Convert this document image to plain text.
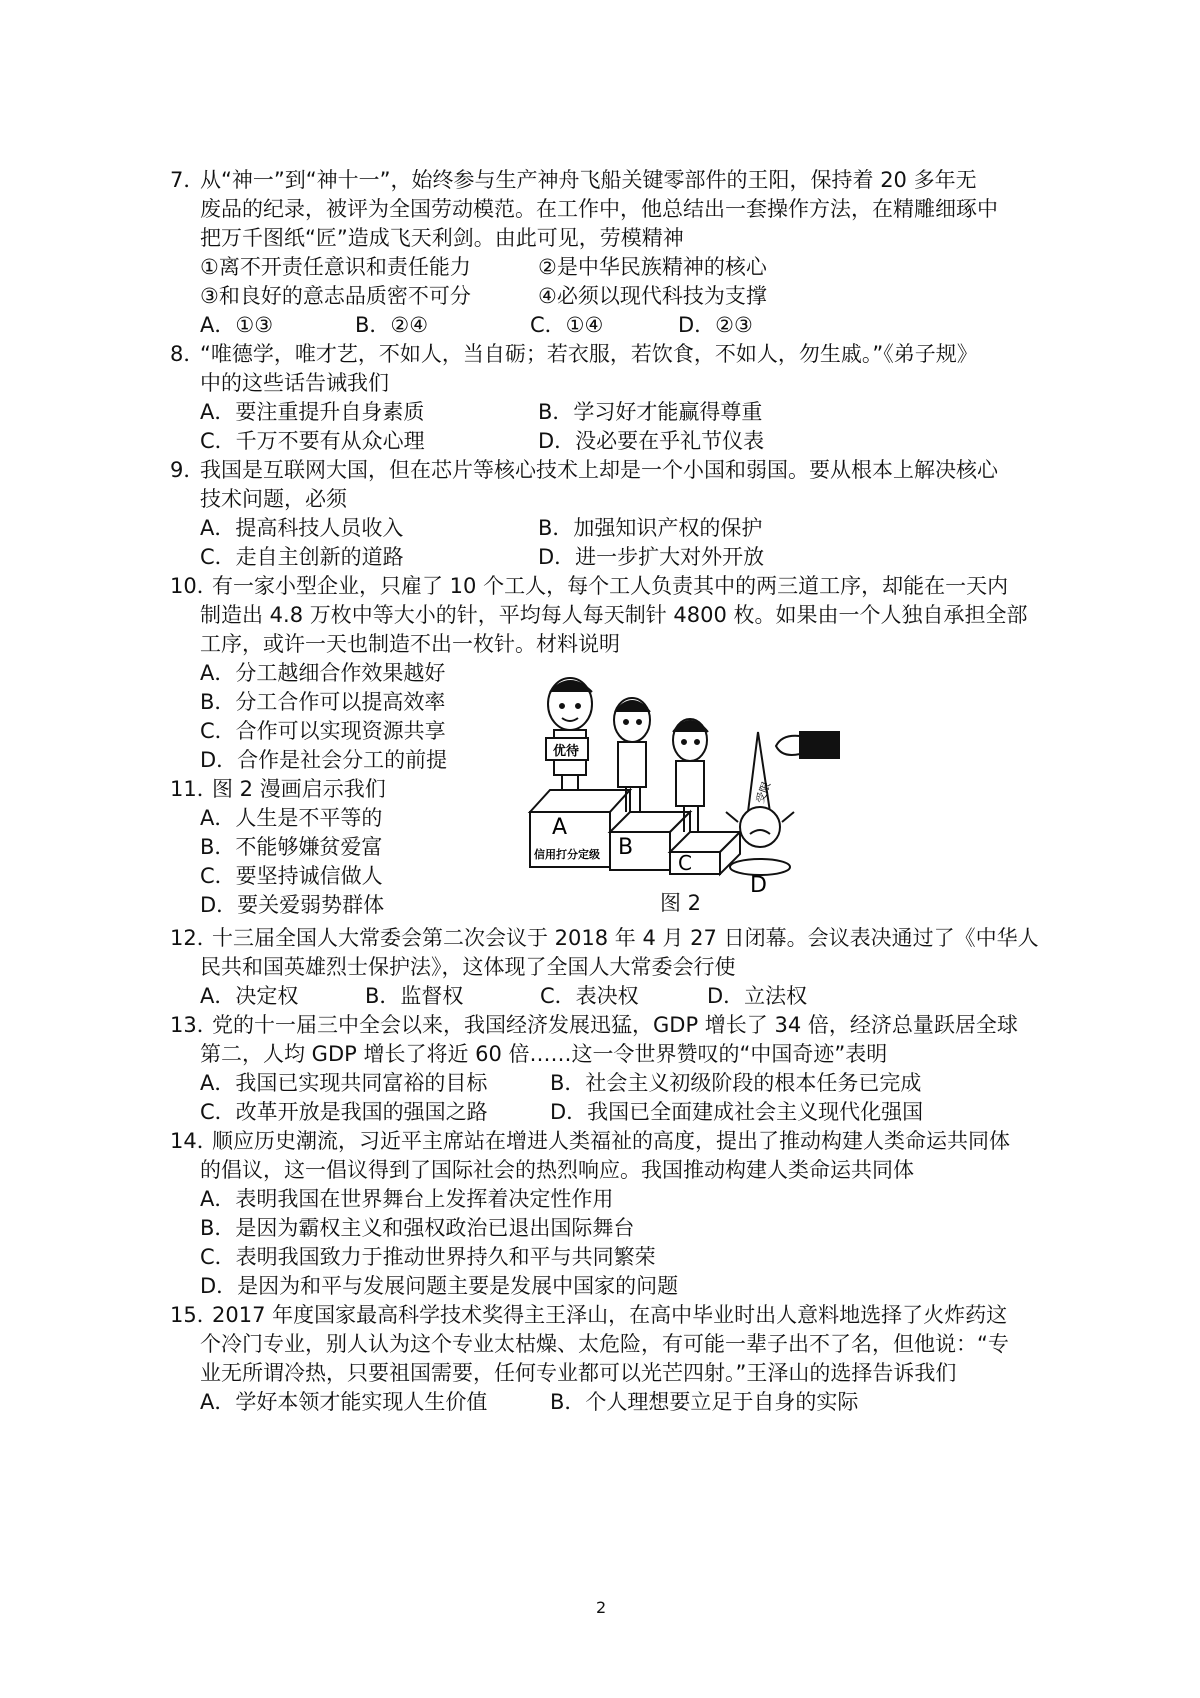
7．
从“神一”到“神十一”，始终参与生产神舟飞船关键零部件的王阳，保持着 20 多年无
废品的纪录，被评为全国劳动模范。在工作中，他总结出一套操作方法，在精雕细琢中
把万千图纸“匠”造成飞天利剑。由此可见，劳模精神
①离不开责任意识和责任能力	②是中华民族精神的核心
③和良好的意志品质密不可分	④必须以现代科技为支撑
A．①③	B．②④	C．①④	D．②③
8．
“唯德学，唯才艺，不如人，当自砺；若衣服，若饮食，不如人，勿生戚。”《弟子规》
中的这些话告诫我们
A．要注重提升自身素质	B．学习好才能赢得尊重
C．千万不要有从众心理	D．没必要在乎礼节仪表
9．
我国是互联网大国，但在芯片等核心技术上却是一个小国和弱国。要从根本上解决核心
技术问题，必须
A．提高科技人员收入	B．加强知识产权的保护
C．走自主创新的道路	D．进一步扩大对外开放
10．
有一家小型企业，只雇了 10 个工人，每个工人负责其中的两三道工序，却能在一天内
制造出 4.8 万枚中等大小的针，平均每人每天制针 4800 枚。如果由一个人独自承担全部
工序，或许一天也制造不出一枚针。材料说明
A．分工越细合作效果越好
B．分工合作可以提高效率
C．合作可以实现资源共享
D．合作是社会分工的前提
11．
图 2 漫画启示我们
A．人生是不平等的
B．不能够嫌贫爱富
C．要坚持诚信做人
D．要关爱弱势群体
A
信用打分定级 B
C
优待
受限
D
图 2
12．
十三届全国人大常委会第二次会议于 2018 年 4 月 27 日闭幕。会议表决通过了《中华人
民共和国英雄烈士保护法》，这体现了全国人大常委会行使
A．决定权	B．监督权	C．表决权	D．立法权
13．
党的十一届三中全会以来，我国经济发展迅猛，GDP 增长了 34 倍，经济总量跃居全球
第二，人均 GDP 增长了将近 60 倍……这一令世界赞叹的“中国奇迹”表明
A．我国已实现共同富裕的目标	B．社会主义初级阶段的根本任务已完成
C．改革开放是我国的强国之路	D．我国已全面建成社会主义现代化强国
14．
顺应历史潮流，习近平主席站在增进人类福祉的高度，提出了推动构建人类命运共同体
的倡议，这一倡议得到了国际社会的热烈响应。我国推动构建人类命运共同体
A．表明我国在世界舞台上发挥着决定性作用
B．是因为霸权主义和强权政治已退出国际舞台
C．表明我国致力于推动世界持久和平与共同繁荣
D．是因为和平与发展问题主要是发展中国家的问题
15．
2017 年度国家最高科学技术奖得主王泽山，在高中毕业时出人意料地选择了火炸药这
个冷门专业，别人认为这个专业太枯燥、太危险，有可能一辈子出不了名，但他说：“专
业无所谓冷热，只要祖国需要，任何专业都可以光芒四射。”王泽山的选择告诉我们
A．学好本领才能实现人生价值	B．个人理想要立足于自身的实际
2
